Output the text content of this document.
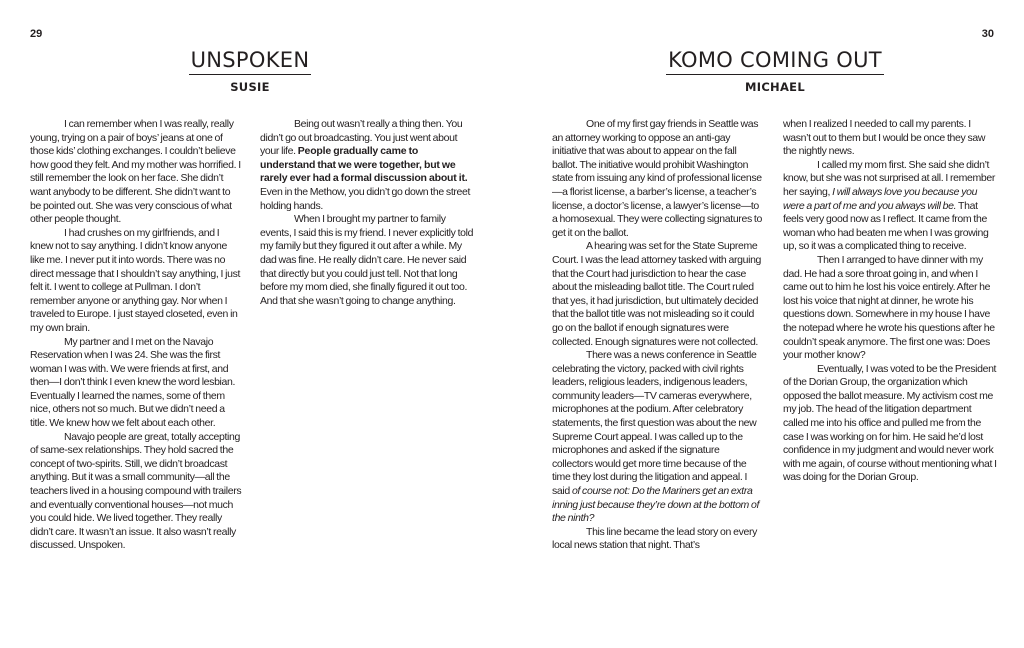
29	30
UNSPOKEN
SUSIE
KOMO COMING OUT
MICHAEL

I can remember when I was really, really young, trying on a pair of boys’ jeans at one of those kids’ clothing exchanges. I couldn’t believe how good they felt. And my mother was horrified. I still remember the look on her face. She didn’t want anybody to be different. She didn’t want to be pointed out. She was very conscious of what other people thought.

I had crushes on my girlfriends, and I knew not to say anything. I didn’t know anyone like me. I never put it into words. There was no direct message that I shouldn’t say anything, I just felt it. I went to college at Pullman. I don’t remember anyone or anything gay. Nor when I traveled to Europe. I just stayed closeted, even in my own brain.

My partner and I met on the Navajo Reservation when I was 24. She was the first woman I was with. We were friends at first, and then—I don’t think I even knew the word lesbian. Eventually I learned the names, some of them nice, others not so much. But we didn’t need a title. We knew how we felt about each other.

Navajo people are great, totally accepting of same-sex relationships. They hold sacred the concept of two-spirits. Still, we didn’t broadcast anything. But it was a small community—all the teachers lived in a housing compound with trailers and eventually conventional houses—not much you could hide. We lived together. They really didn’t care. It wasn’t an issue. It also wasn’t really discussed. Unspoken.

Being out wasn’t really a thing then. You didn’t go out broadcasting. You just went about your life. People gradually came to understand that we were together, but we rarely ever had a formal discussion about it. Even in the Methow, you didn’t go down the street holding hands.

When I brought my partner to family events, I said this is my friend. I never explicitly told my family but they figured it out after a while. My dad was fine. He really didn’t care. He never said that directly but you could just tell. Not that long before my mom died, she finally figured it out too. And that she wasn’t going to change anything.

One of my first gay friends in Seattle was an attorney working to oppose an anti-gay initiative that was about to appear on the fall ballot. The initiative would prohibit Washington state from issuing any kind of professional license—a florist license, a barber’s license, a teacher’s license, a doctor’s license, a lawyer’s license—to a homosexual. They were collecting signatures to get it on the ballot.

A hearing was set for the State Supreme Court. I was the lead attorney tasked with arguing that the Court had jurisdiction to hear the case about the misleading ballot title. The Court ruled that yes, it had jurisdiction, but ultimately decided that the ballot title was not misleading so it could go on the ballot if enough signatures were collected. Enough signatures were not collected.

There was a news conference in Seattle celebrating the victory, packed with civil rights leaders, religious leaders, indigenous leaders, community leaders—TV cameras everywhere, microphones at the podium. After celebratory statements, the first question was about the new Supreme Court appeal. I was called up to the microphones and asked if the signature collectors would get more time because of the time they lost during the litigation and appeal. I said of course not: Do the Mariners get an extra inning just because they’re down at the bottom of the ninth?

This line became the lead story on every local news station that night. That’s

when I realized I needed to call my parents. I wasn’t out to them but I would be once they saw the nightly news.

I called my mom first. She said she didn’t know, but she was not surprised at all. I remember her saying, I will always love you because you were a part of me and you always will be. That feels very good now as I reflect. It came from the woman who had beaten me when I was growing up, so it was a complicated thing to receive.

Then I arranged to have dinner with my dad. He had a sore throat going in, and when I came out to him he lost his voice entirely. After he lost his voice that night at dinner, he wrote his questions down. Somewhere in my house I have the notepad where he wrote his questions after he couldn’t speak anymore. The first one was: Does your mother know?

Eventually, I was voted to be the President of the Dorian Group, the organization which opposed the ballot measure. My activism cost me my job. The head of the litigation department called me into his office and pulled me from the case I was working on for him. He said he’d lost confidence in my judgment and would never work with me again, of course without mentioning what I was doing for the Dorian Group.
